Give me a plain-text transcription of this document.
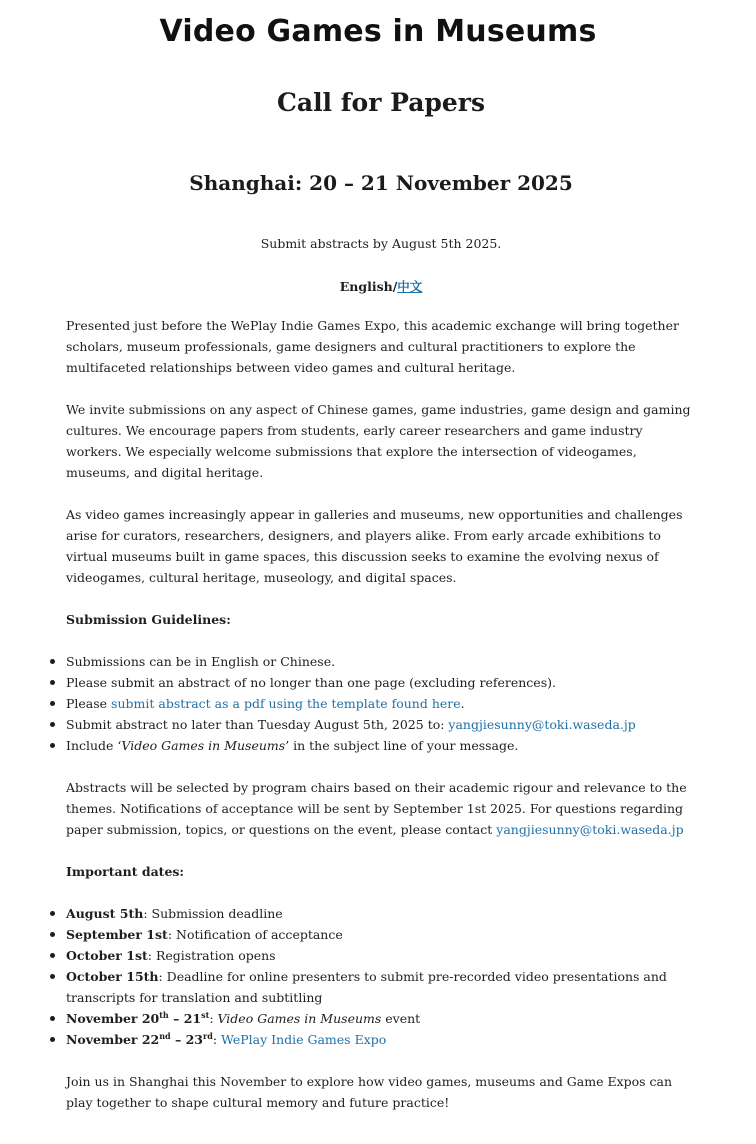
Video Games in Museums
Call for Papers
Shanghai: 20 – 21 November 2025

Submit abstracts by August 5th 2025.

English/中文

Presented just before the WePlay Indie Games Expo, this academic exchange will bring together scholars, museum professionals, game designers and cultural practitioners to explore the multifaceted relationships between video games and cultural heritage.

We invite submissions on any aspect of Chinese games, game industries, game design and gaming cultures. We encourage papers from students, early career researchers and game industry workers. We especially welcome submissions that explore the intersection of videogames, museums, and digital heritage.

As video games increasingly appear in galleries and museums, new opportunities and challenges arise for curators, researchers, designers, and players alike. From early arcade exhibitions to virtual museums built in game spaces, this discussion seeks to examine the evolving nexus of videogames, cultural heritage, museology, and digital spaces.

Submission Guidelines:

Submissions can be in English or Chinese.
Please submit an abstract of no longer than one page (excluding references).
Please submit abstract as a pdf using the template found here.
Submit abstract no later than Tuesday August 5th, 2025 to: yangjiesunny@toki.waseda.jp
Include ‘Video Games in Museums’ in the subject line of your message.

Abstracts will be selected by program chairs based on their academic rigour and relevance to the themes. Notifications of acceptance will be sent by September 1st 2025. For questions regarding paper submission, topics, or questions on the event, please contact yangjiesunny@toki.waseda.jp

Important dates:

August 5th: Submission deadline
September 1st: Notification of acceptance
October 1st: Registration opens
October 15th: Deadline for online presenters to submit pre-recorded video presentations and transcripts for translation and subtitling
November 20th – 21st: Video Games in Museums event
November 22nd – 23rd: WePlay Indie Games Expo

Join us in Shanghai this November to explore how video games, museums and Game Expos can play together to shape cultural memory and future practice!
